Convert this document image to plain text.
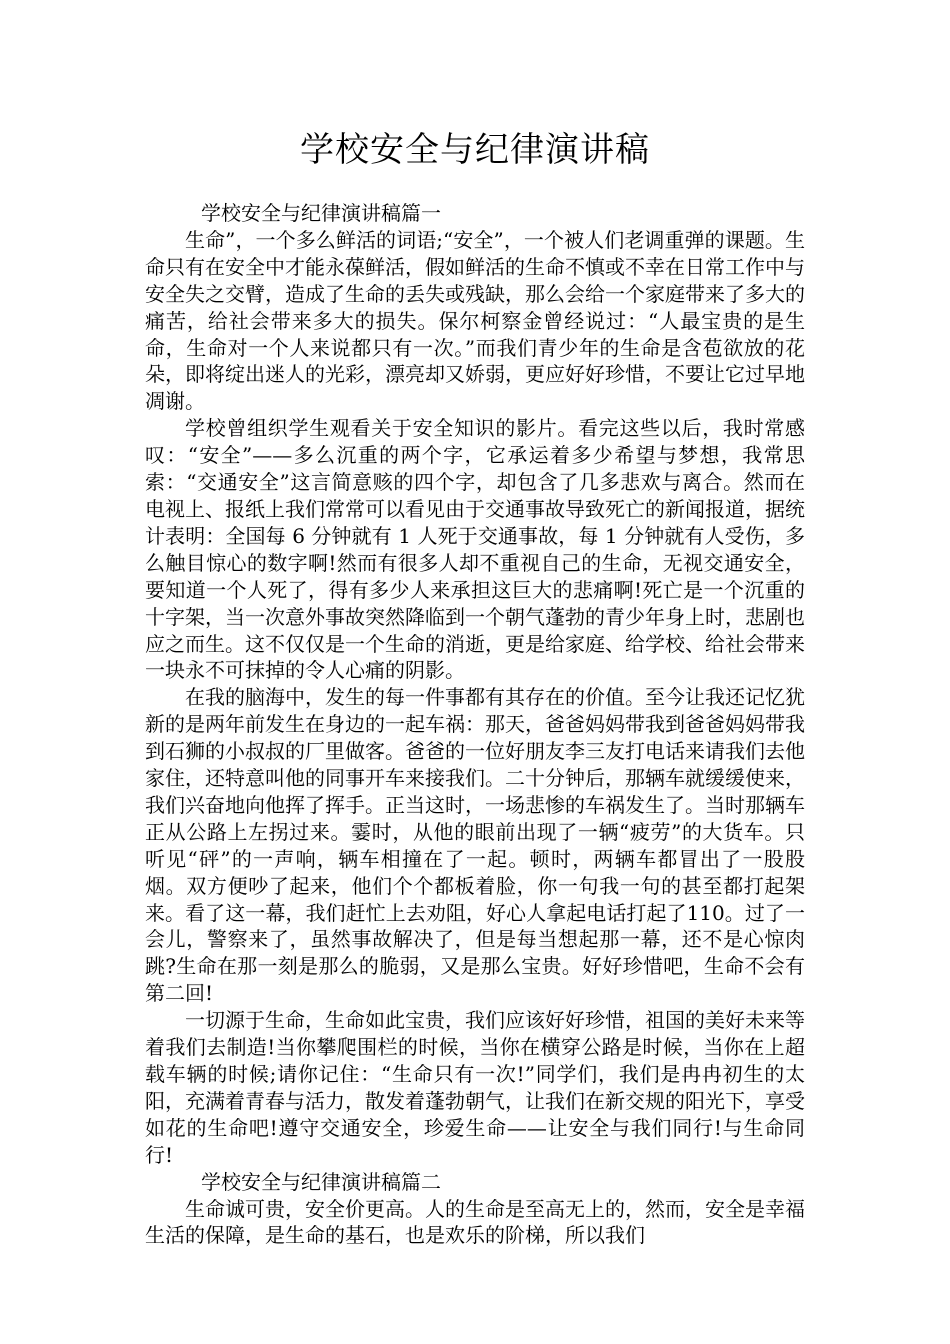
学校安全与纪律演讲稿

学校安全与纪律演讲稿篇一

生命”，一个多么鲜活的词语;“安全”，一个被人们老调重弹的课题。生命只有在安全中才能永葆鲜活，假如鲜活的生命不慎或不幸在日常工作中与安全失之交臂，造成了生命的丢失或残缺，那么会给一个家庭带来了多大的痛苦，给社会带来多大的损失。保尔柯察金曾经说过：“人最宝贵的是生命，生命对一个人来说都只有一次。”而我们青少年的生命是含苞欲放的花朵，即将绽出迷人的光彩，漂亮却又娇弱，更应好好珍惜，不要让它过早地凋谢。

学校曾组织学生观看关于安全知识的影片。看完这些以后，我时常感叹：“安全”——多么沉重的两个字，它承运着多少希望与梦想，我常思索：“交通安全”这言简意赅的四个字，却包含了几多悲欢与离合。然而在电视上、报纸上我们常常可以看见由于交通事故导致死亡的新闻报道，据统计表明：全国每 6 分钟就有 1 人死于交通事故，每 1 分钟就有人受伤，多么触目惊心的数字啊!然而有很多人却不重视自己的生命，无视交通安全，要知道一个人死了，得有多少人来承担这巨大的悲痛啊!死亡是一个沉重的十字架，当一次意外事故突然降临到一个朝气蓬勃的青少年身上时，悲剧也应之而生。这不仅仅是一个生命的消逝，更是给家庭、给学校、给社会带来一块永不可抹掉的令人心痛的阴影。

在我的脑海中，发生的每一件事都有其存在的价值。至今让我还记忆犹新的是两年前发生在身边的一起车祸：那天，爸爸妈妈带我到爸爸妈妈带我到石狮的小叔叔的厂里做客。爸爸的一位好朋友李三友打电话来请我们去他家住，还特意叫他的同事开车来接我们。二十分钟后，那辆车就缓缓使来，我们兴奋地向他挥了挥手。正当这时，一场悲惨的车祸发生了。当时那辆车正从公路上左拐过来。霎时，从他的眼前出现了一辆“疲劳”的大货车。只听见“砰”的一声响，辆车相撞在了一起。顿时，两辆车都冒出了一股股烟。双方便吵了起来，他们个个都板着脸，你一句我一句的甚至都打起架来。看了这一幕，我们赶忙上去劝阻，好心人拿起电话打起了110。过了一会儿，警察来了，虽然事故解决了，但是每当想起那一幕，还不是心惊肉跳?生命在那一刻是那么的脆弱，又是那么宝贵。好好珍惜吧，生命不会有第二回!

一切源于生命，生命如此宝贵，我们应该好好珍惜，祖国的美好未来等着我们去制造!当你攀爬围栏的时候，当你在横穿公路是时候，当你在上超载车辆的时候;请你记住：“生命只有一次!”同学们，我们是冉冉初生的太阳，充满着青春与活力，散发着蓬勃朝气，让我们在新交规的阳光下，享受如花的生命吧!遵守交通安全，珍爱生命——让安全与我们同行!与生命同行!

学校安全与纪律演讲稿篇二

生命诚可贵，安全价更高。人的生命是至高无上的，然而，安全是幸福生活的保障，是生命的基石，也是欢乐的阶梯，所以我们
